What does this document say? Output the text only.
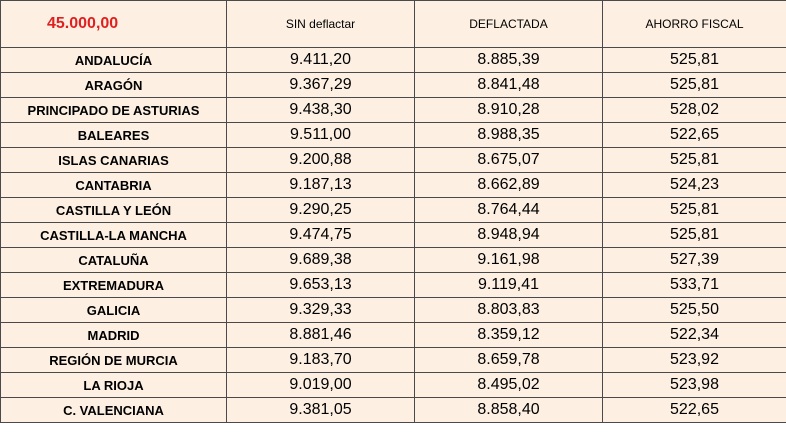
45.000,00	SIN deflactar	DEFLACTADA	AHORRO FISCAL
ANDALUCÍA	9.411,20	8.885,39	525,81
ARAGÓN	9.367,29	8.841,48	525,81
PRINCIPADO DE ASTURIAS	9.438,30	8.910,28	528,02
BALEARES	9.511,00	8.988,35	522,65
ISLAS CANARIAS	9.200,88	8.675,07	525,81
CANTABRIA	9.187,13	8.662,89	524,23
CASTILLA Y LEÓN	9.290,25	8.764,44	525,81
CASTILLA-LA MANCHA	9.474,75	8.948,94	525,81
CATALUÑA	9.689,38	9.161,98	527,39
EXTREMADURA	9.653,13	9.119,41	533,71
GALICIA	9.329,33	8.803,83	525,50
MADRID	8.881,46	8.359,12	522,34
REGIÓN DE MURCIA	9.183,70	8.659,78	523,92
LA RIOJA	9.019,00	8.495,02	523,98
C. VALENCIANA	9.381,05	8.858,40	522,65
